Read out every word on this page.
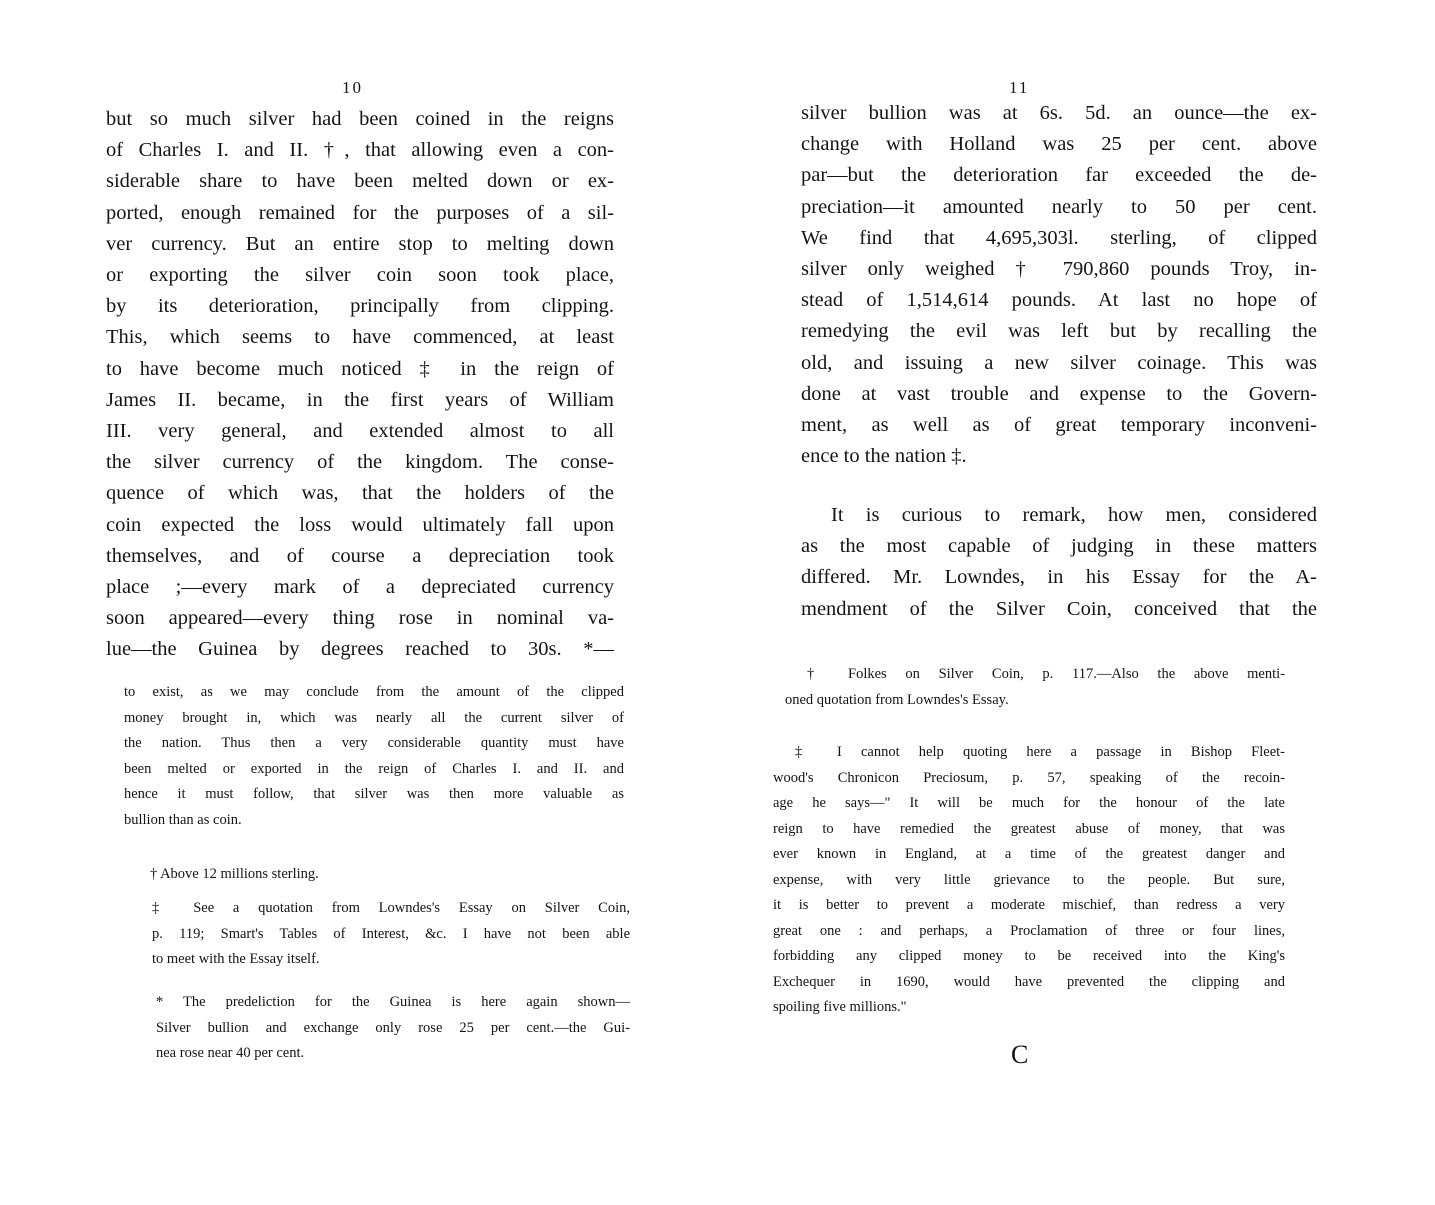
10
but so much silver had been coined in the reigns
of Charles I. and II. †, that allowing even a con-
siderable share to have been melted down or ex-
ported, enough remained for the purposes of a sil-
ver currency. But an entire stop to melting down
or exporting the silver coin soon took place,
by its deterioration, principally from clipping.
This, which seems to have commenced, at least
to have become much noticed ‡ in the reign of
James II. became, in the first years of William
III. very general, and extended almost to all
the silver currency of the kingdom. The conse-
quence of which was, that the holders of the
coin expected the loss would ultimately fall upon
themselves, and of course a depreciation took
place ;—every mark of a depreciated currency
soon appeared—every thing rose in nominal va-
lue—the Guinea by degrees reached to 30s. *—
to exist, as we may conclude from the amount of the clipped
money brought in, which was nearly all the current silver of
the nation. Thus then a very considerable quantity must have
been melted or exported in the reign of Charles I. and II. and
hence it must follow, that silver was then more valuable as
bullion than as coin.
† Above 12 millions sterling.
‡ See a quotation from Lowndes's Essay on Silver Coin,
p. 119; Smart's Tables of Interest, &c. I have not been able
to meet with the Essay itself.
* The predeliction for the Guinea is here again shown—
Silver bullion and exchange only rose 25 per cent.—the Gui-
nea rose near 40 per cent.
11
silver bullion was at 6s. 5d. an ounce—the ex-
change with Holland was 25 per cent. above
par—but the deterioration far exceeded the de-
preciation—it amounted nearly to 50 per cent.
We find that 4,695,303l. sterling, of clipped
silver only weighed † 790,860 pounds Troy, in-
stead of 1,514,614 pounds. At last no hope of
remedying the evil was left but by recalling the
old, and issuing a new silver coinage. This was
done at vast trouble and expense to the Govern-
ment, as well as of great temporary inconveni-
ence to the nation ‡.
It is curious to remark, how men, considered
as the most capable of judging in these matters
differed. Mr. Lowndes, in his Essay for the A-
mendment of the Silver Coin, conceived that the
† Folkes on Silver Coin, p. 117.—Also the above menti-
oned quotation from Lowndes's Essay.
‡ I cannot help quoting here a passage in Bishop Fleet-
wood's Chronicon Preciosum, p. 57, speaking of the recoin-
age he says—" It will be much for the honour of the late
reign to have remedied the greatest abuse of money, that was
ever known in England, at a time of the greatest danger and
expense, with very little grievance to the people. But sure,
it is better to prevent a moderate mischief, than redress a very
great one : and perhaps, a Proclamation of three or four lines,
forbidding any clipped money to be received into the King's
Exchequer in 1690, would have prevented the clipping and
spoiling five millions."
C
